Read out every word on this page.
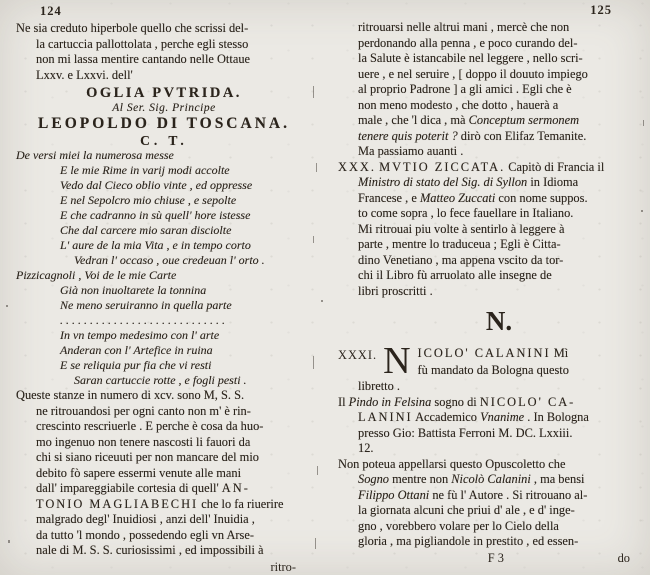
124
Ne sia creduto hiperbole quello che scrissi del-
la cartuccia pallottolata , perche egli stesso
non mi lassa mentire cantando nelle Ottaue
Lxxv. e Lxxvi. dell'
OGLIA PVTRIDA.
Al Ser. Sig. Principe
LEOPOLDO DI TOSCANA.
C. T.
De versi miei la numerosa messe
E le mie Rime in varij modi accolte
Vedo dal Cieco oblio vinte , ed oppresse
E nel Sepolcro mio chiuse , e sepolte
E che cadranno in sù quell' hore istesse
Che dal carcere mio saran disciolte
L' aure de la mia Vita , e in tempo corto
Vedran l' occaso , oue credeuan l' orto .
Pizzicagnoli , Voi de le mie Carte
Già non inuoltarete la tonnina
Ne meno seruiranno in quella parte
. . . . . . . . . . . . . . . . . . . . . . . . . . . .
In vn tempo medesimo con l' arte
Anderan con l' Artefice in ruina
E se reliquia pur fia che vi resti
Saran cartuccie rotte , e fogli pesti .
Queste stanze in numero di xcv. sono M, S. S.
ne ritrouandosi per ogni canto non m' è rin-
crescinto rescriuerle . E perche è cosa da huo-
mo ingenuo non tenere nascosti li fauori da
chi si siano riceuuti per non mancare del mio
debito fò sapere essermi venute alle mani
dall' impareggiabile cortesia di quell' AN-
TONIO MAGLIABECHI che lo fa riuerire
malgrado degl' Inuidiosi , anzi dell' Inuidia ,
da tutto 'l mondo , possedendo egli vn Arse-
nale di M. S. S. curiosissimi , ed impossibili à
ritro-
125
ritrouarsi nelle altrui mani , mercè che non
perdonando alla penna , e poco curando del-
la Salute è istancabile nel leggere , nello scri-
uere , e nel seruire , [ doppo il douuto impiego
al proprio Padrone ] a gli amici . Egli che è
non meno modesto , che dotto , hauerà a
male , che 'l dica , mà Conceptum sermonem
tenere quis poterit ? dirò con Elifaz Temanite.
Ma passiamo auanti .
XXX. MVTIO ZICCATA. Capitò di Francia il
Ministro di stato del Sig. di Syllon in Idioma
Francese , e Matteo Zuccati con nome suppos.
to come sopra , lo fece fauellare in Italiano.
Mi ritrouai piu volte à sentirlo à leggere à
parte , mentre lo traduceua ; Egli è Citta-
dino Venetiano , ma appena vscito da tor-
chi il Libro fù arruolato alle insegne de
libri proscritti .
N.
XXXI. N ICOLO' CALANINI Mì
fù mandato da Bologna questo
libretto .
Il Pindo in Felsina sogno di NICOLO' CA-
LANINI Accademico Vnanime . In Bologna
presso Gio: Battista Ferroni M. DC. Lxxiii.
12.
Non poteua appellarsi questo Opuscoletto che
Sogno mentre non Nicolò Calanini , ma bensi
Filippo Ottani ne fù l' Autore . Si ritrouano al-
la giornata alcuni che priui d' ale , e d' inge-
gno , vorebbero volare per lo Cielo della
gloria , ma pigliandole in prestito , ed essen-
F 3	do
